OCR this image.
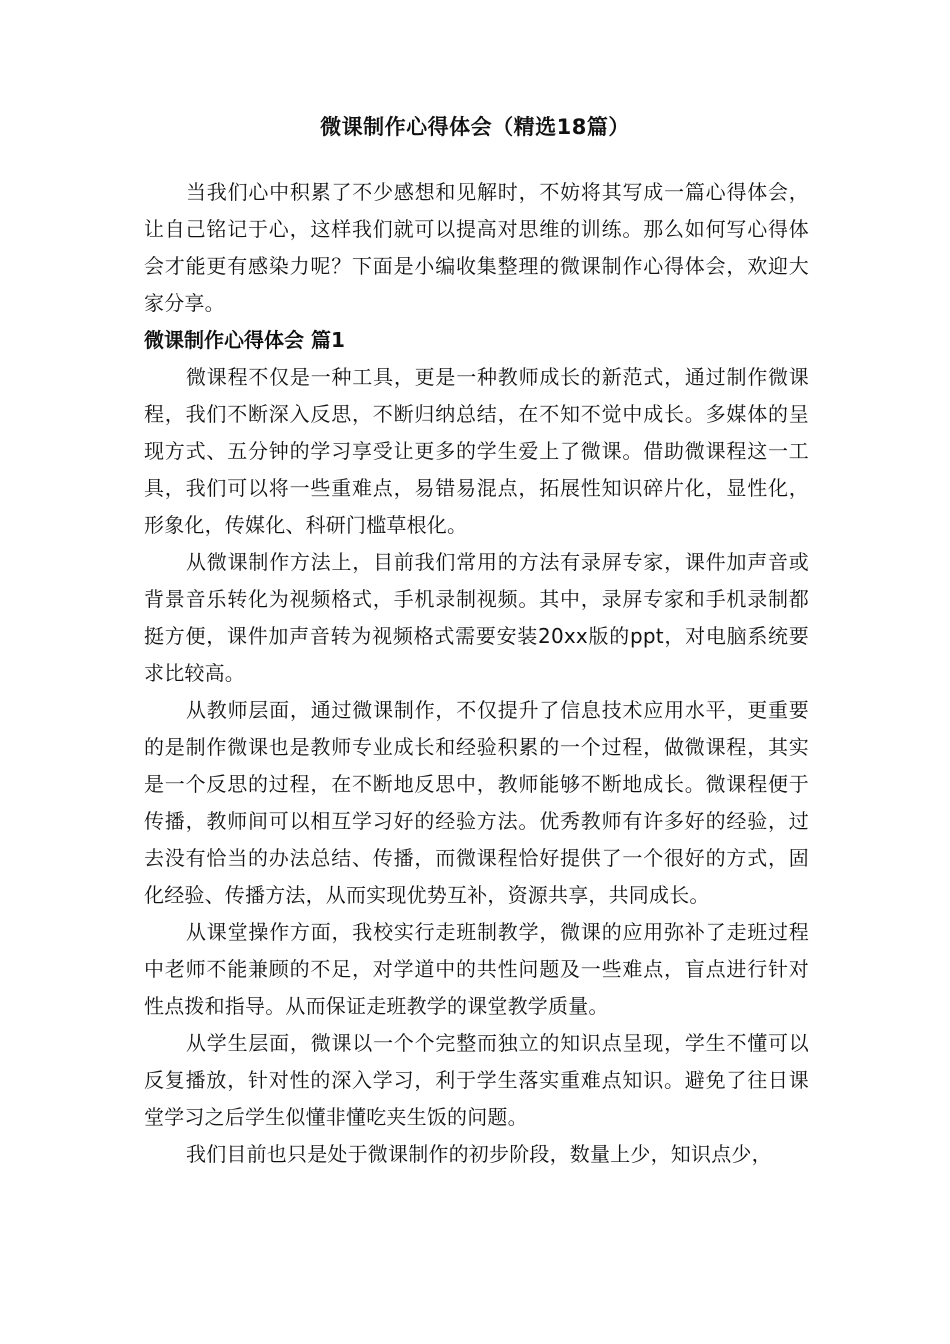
微课制作心得体会（精选18篇）

当我们心中积累了不少感想和见解时，不妨将其写成一篇心得体会，让自己铭记于心，这样我们就可以提高对思维的训练。那么如何写心得体会才能更有感染力呢？下面是小编收集整理的微课制作心得体会，欢迎大家分享。

微课制作心得体会 篇1

微课程不仅是一种工具，更是一种教师成长的新范式，通过制作微课程，我们不断深入反思，不断归纳总结，在不知不觉中成长。多媒体的呈现方式、五分钟的学习享受让更多的学生爱上了微课。借助微课程这一工具，我们可以将一些重难点，易错易混点，拓展性知识碎片化，显性化，形象化，传媒化、科研门槛草根化。

从微课制作方法上，目前我们常用的方法有录屏专家，课件加声音或背景音乐转化为视频格式，手机录制视频。其中，录屏专家和手机录制都挺方便，课件加声音转为视频格式需要安装20xx版的ppt，对电脑系统要求比较高。

从教师层面，通过微课制作，不仅提升了信息技术应用水平，更重要的是制作微课也是教师专业成长和经验积累的一个过程，做微课程，其实是一个反思的过程，在不断地反思中，教师能够不断地成长。微课程便于传播，教师间可以相互学习好的经验方法。优秀教师有许多好的经验，过去没有恰当的办法总结、传播，而微课程恰好提供了一个很好的方式，固化经验、传播方法，从而实现优势互补，资源共享，共同成长。

从课堂操作方面，我校实行走班制教学，微课的应用弥补了走班过程中老师不能兼顾的不足，对学道中的共性问题及一些难点，盲点进行针对性点拨和指导。从而保证走班教学的课堂教学质量。

从学生层面，微课以一个个完整而独立的知识点呈现，学生不懂可以反复播放，针对性的深入学习，利于学生落实重难点知识。避免了往日课堂学习之后学生似懂非懂吃夹生饭的问题。

我们目前也只是处于微课制作的初步阶段，数量上少，知识点少，
